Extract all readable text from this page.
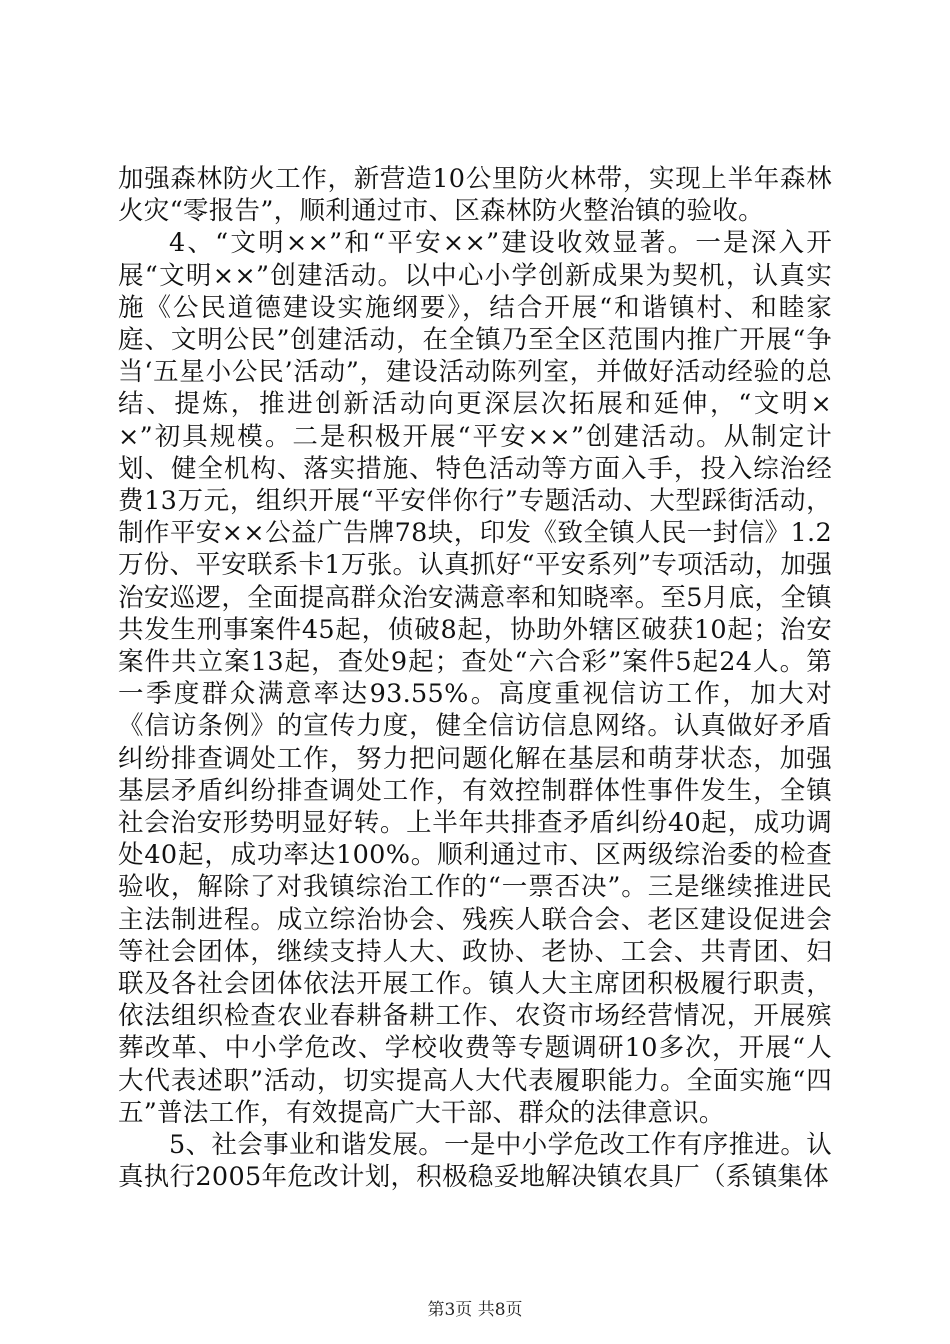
加强森林防火工作，新营造10公里防火林带，实现上半年森林火灾“零报告”，顺利通过市、区森林防火整治镇的验收。

4、“文明××”和“平安××”建设收效显著。一是深入开展“文明××”创建活动。以中心小学创新成果为契机，认真实施《公民道德建设实施纲要》，结合开展“和谐镇村、和睦家庭、文明公民”创建活动，在全镇乃至全区范围内推广开展“争当‘五星小公民’活动”，建设活动陈列室，并做好活动经验的总结、提炼，推进创新活动向更深层次拓展和延伸，“文明××”初具规模。二是积极开展“平安××”创建活动。从制定计划、健全机构、落实措施、特色活动等方面入手，投入综治经费13万元，组织开展“平安伴你行”专题活动、大型踩街活动，制作平安××公益广告牌78块，印发《致全镇人民一封信》1.2万份、平安联系卡1万张。认真抓好“平安系列”专项活动，加强治安巡逻，全面提高群众治安满意率和知晓率。至5月底，全镇共发生刑事案件45起，侦破8起，协助外辖区破获10起；治安案件共立案13起，查处9起；查处“六合彩”案件5起24人。第一季度群众满意率达93.55%。高度重视信访工作，加大对《信访条例》的宣传力度，健全信访信息网络。认真做好矛盾纠纷排查调处工作，努力把问题化解在基层和萌芽状态，加强基层矛盾纠纷排查调处工作，有效控制群体性事件发生，全镇社会治安形势明显好转。上半年共排查矛盾纠纷40起，成功调处40起，成功率达100%。顺利通过市、区两级综治委的检查验收，解除了对我镇综治工作的“一票否决”。三是继续推进民主法制进程。成立综治协会、残疾人联合会、老区建设促进会等社会团体，继续支持人大、政协、老协、工会、共青团、妇联及各社会团体依法开展工作。镇人大主席团积极履行职责，依法组织检查农业春耕备耕工作、农资市场经营情况，开展殡葬改革、中小学危改、学校收费等专题调研10多次，开展“人大代表述职”活动，切实提高人大代表履职能力。全面实施“四五”普法工作，有效提高广大干部、群众的法律意识。

5、社会事业和谐发展。一是中小学危改工作有序推进。认真执行2005年危改计划，积极稳妥地解决镇农具厂（系镇集体

第3页 共8页
